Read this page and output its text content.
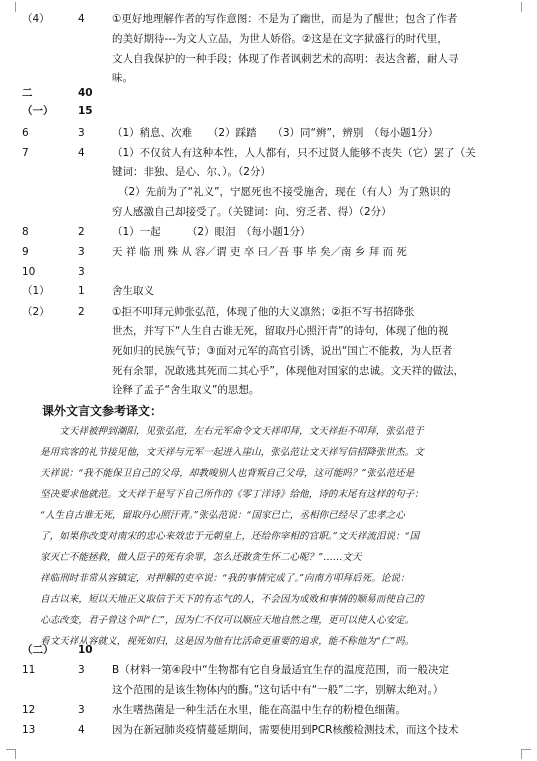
（4）	4	①更好地理解作者的写作意图：不是为了幽世，而是为了醒世；包含了作者
的美好期待---为文人立品，为世人娇俗。②这是在文字狱盛行的时代里，
文人自我保护的一种手段；体现了作者讽刺艺术的高明：表达含蓄，耐人寻
味。
二	40
（一） 15
6	3	（1）稍息、次难　　（2）踩踏　　（3）同“辨”，辨别　（每小题1分）
7	4	（1）不仅贫人有这种本性，人人都有，只不过贤人能够不丧失（它）罢了（关
键词：非独、是心、尔、）。（2分）
（2）先前为了“礼义”，宁愿死也不接受施舍，现在（有人）为了熟识的
穷人感激自己却接受了。（关键词：向、穷乏者、得）（2分）
8	2	（1）一起　　　（2）眼泪　（每小题1分）
9	3	天 祥 临 刑 殊 从 容／谓 吏 卒 曰／吾 事 毕 矣／南 乡 拜 而 死
10	3
（1）	1	舍生取义
（2）	2	①拒不叩拜元帅张弘范，体现了他的大义凛然；②拒不写书招降张
世杰，并写下“人生自古谁无死，留取丹心照汗青”的诗句，体现了他的视
死如归的民族气节；③面对元军的高官引诱，说出“国亡不能救，为人臣者
死有余罪，况敢逃其死而二其心乎”，体现他对国家的忠诚。文天祥的做法，
诠释了孟子“舍生取义”的思想。
课外文言文参考译文：
　　文天祥被押到潮阳，见张弘范，左右元军命令文天祥叩拜，文天祥拒不叩拜，张弘范于
是用宾客的礼节接见他，文天祥与元军一起进入崖山，张弘范让文天祥写信招降张世杰。文
天祥说：“我不能保卫自己的父母，却教唆别人也背叛自己父母，这可能吗？”张弘范还是
坚决要求他就范。文天祥于是写下自己所作的《零丁洋诗》给他，诗的末尾有这样的句子：
“人生自古谁无死，留取丹心照汗青。”张弘范说：“国家已亡，丞相你已经尽了忠孝之心
了，如果你改变对南宋的忠心来效忠于元朝皇上，还给你宰相的官职。”文天祥流泪说：“国
家灭亡不能拯救，做人臣子的死有余罪，怎么还敢贪生怀二心呢？”……文天
祥临刑时非常从容镇定，对押解的吏卒说：“我的事情完成了。”向南方叩拜后死。论说：
自古以来，短以天地正义取信于天下的有志气的人，不会因为成败和事情的顺易而使自己的
心志改变，君子曾这个叫“仁”，因为仁不仅可以顺应天地自然之理，更可以使人心安定。
看文天祥从容就义，视死如归，这是因为他有比活命更重要的追求，能不称他为“仁”吗。
（二） 10
11	3	B（材料一第④段中“生物都有它自身最适宜生存的温度范围，而一般决定
这个范围的是该生物体内的酶。”这句话中有“一般”二字，别解太绝对。）
12	3	水生嗜热菌是一种生活在水里，能在高温中生存的粉橙色细菌。
13	4	因为在新冠肺炎疫情蔓延期间，需要使用到PCR核酸检测技术，而这个技术
